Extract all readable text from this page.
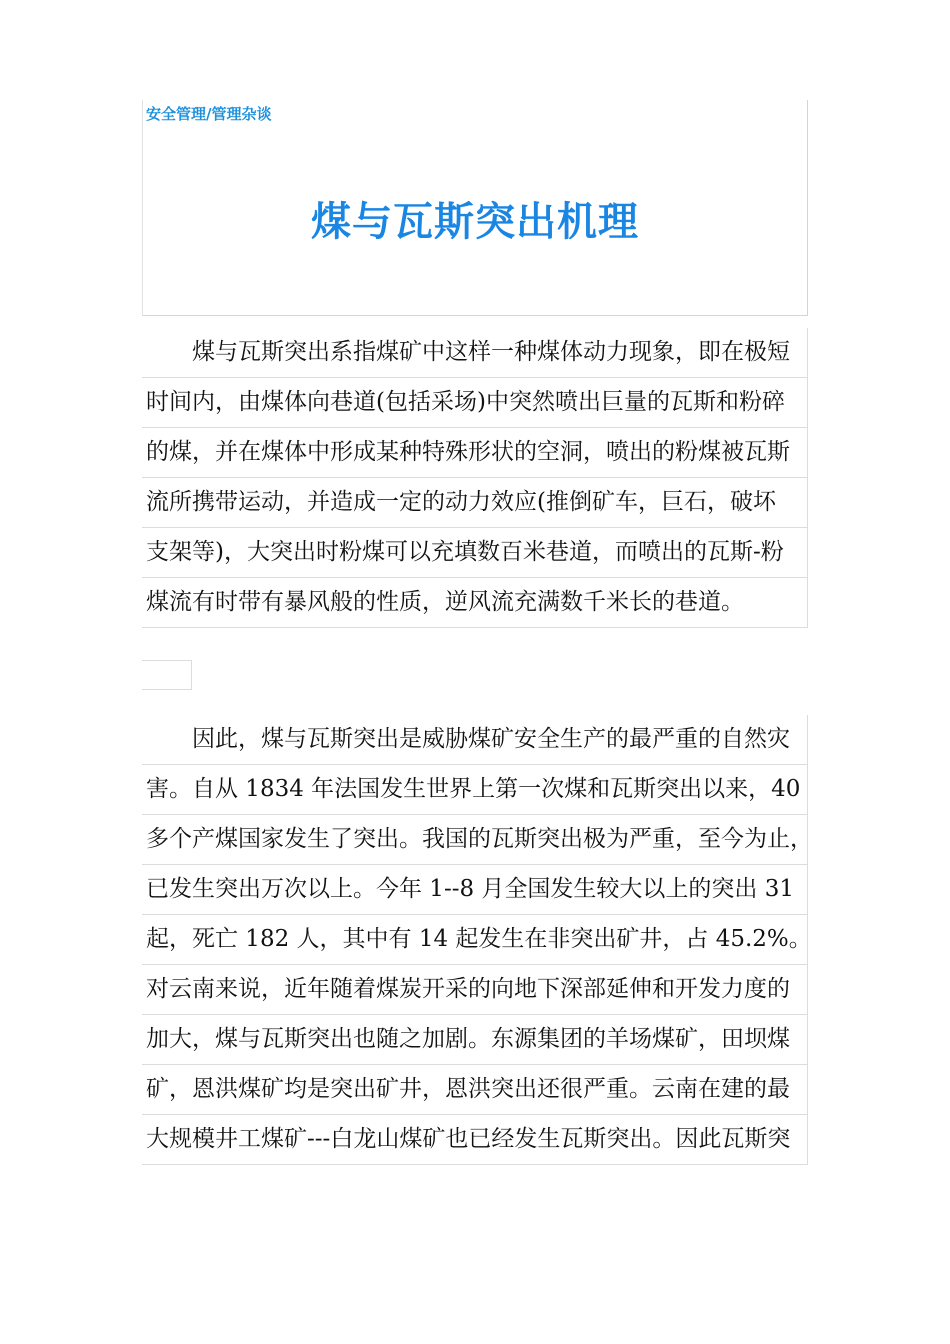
安全管理/管理杂谈
煤与瓦斯突出机理
煤与瓦斯突出系指煤矿中这样一种煤体动力现象，即在极短
时间内，由煤体向巷道(包括采场)中突然喷出巨量的瓦斯和粉碎
的煤，并在煤体中形成某种特殊形状的空洞，喷出的粉煤被瓦斯
流所携带运动，并造成一定的动力效应(推倒矿车，巨石，破坏
支架等)，大突出时粉煤可以充填数百米巷道，而喷出的瓦斯-粉
煤流有时带有暴风般的性质，逆风流充满数千米长的巷道。
因此，煤与瓦斯突出是威胁煤矿安全生产的最严重的自然灾
害。自从 1834 年法国发生世界上第一次煤和瓦斯突出以来，40
多个产煤国家发生了突出。我国的瓦斯突出极为严重，至今为止，
已发生突出万次以上。今年 1--8 月全国发生较大以上的突出 31
起，死亡 182 人，其中有 14 起发生在非突出矿井，占 45.2%。
对云南来说，近年随着煤炭开采的向地下深部延伸和开发力度的
加大，煤与瓦斯突出也随之加剧。东源集团的羊场煤矿，田坝煤
矿，恩洪煤矿均是突出矿井，恩洪突出还很严重。云南在建的最
大规模井工煤矿---白龙山煤矿也已经发生瓦斯突出。因此瓦斯突
